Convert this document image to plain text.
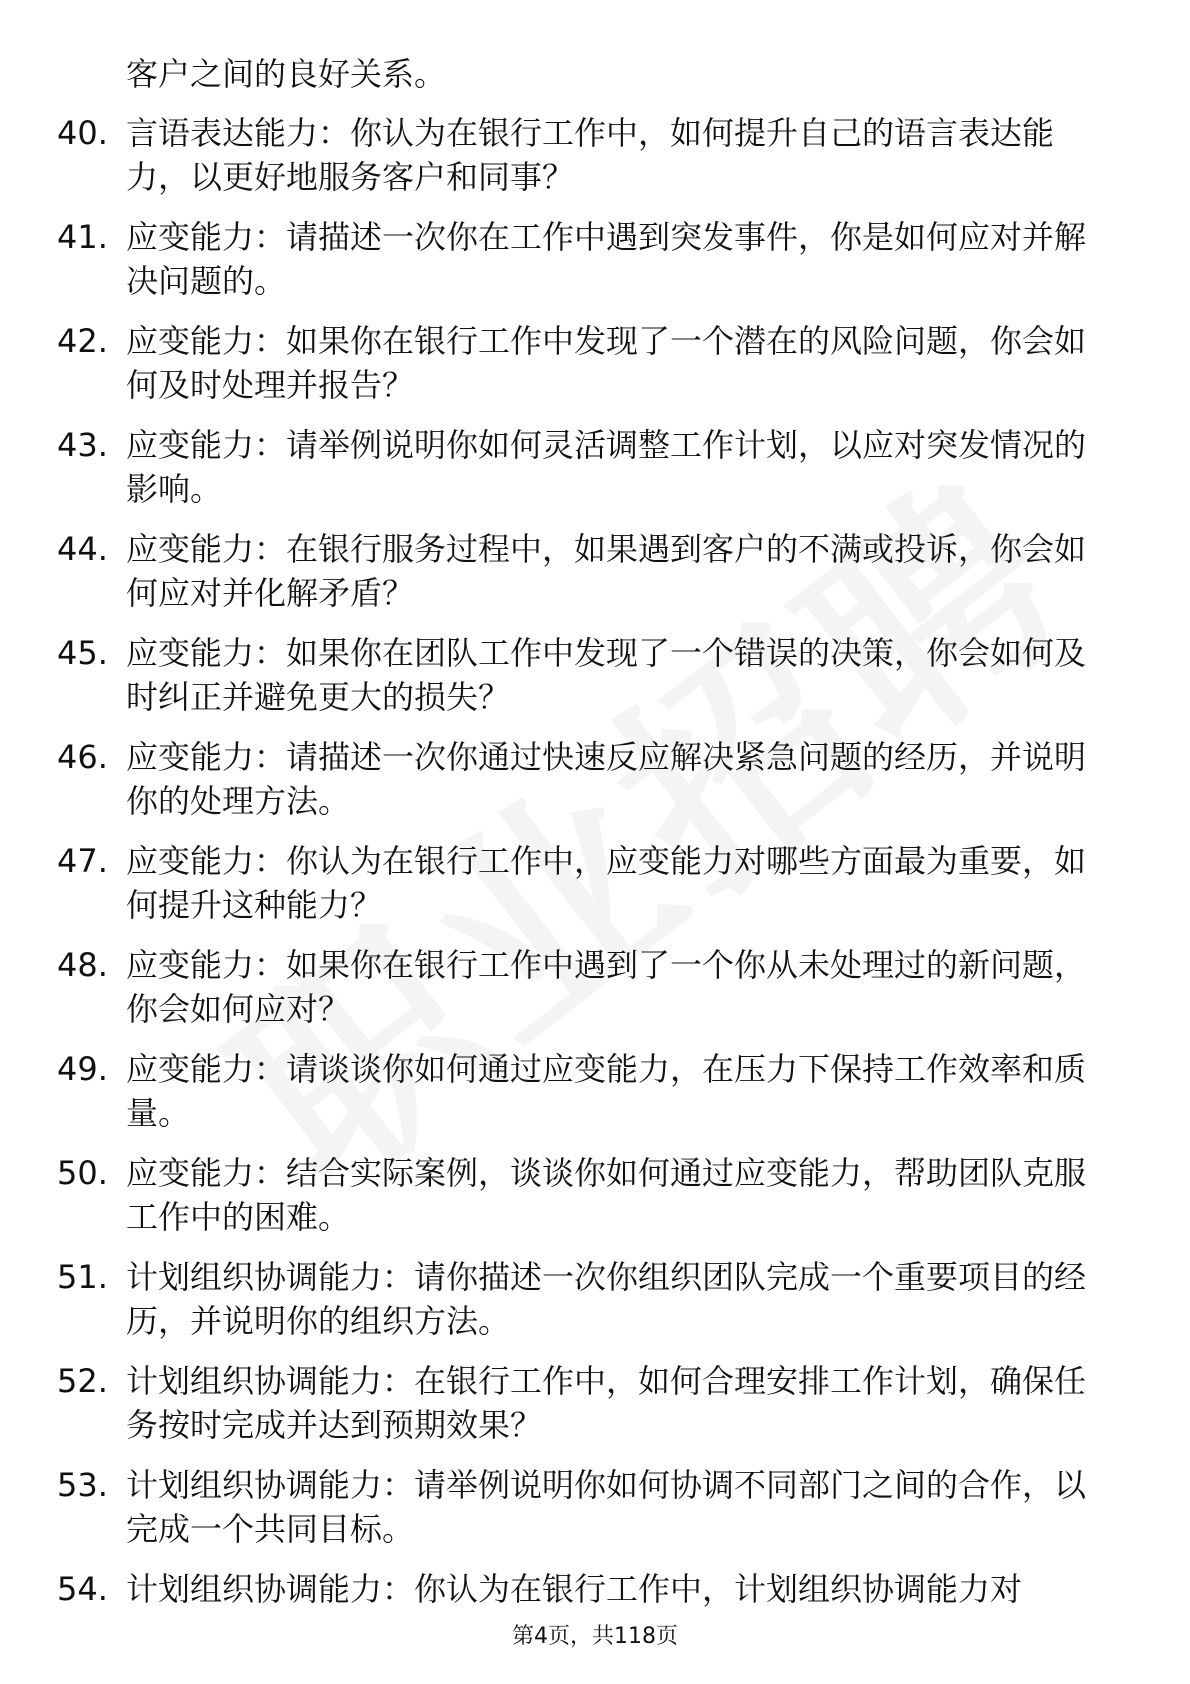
客户之间的良好关系。
40. 言语表达能力：你认为在银行工作中，如何提升自己的语言表达能力，以更好地服务客户和同事？
41. 应变能力：请描述一次你在工作中遇到突发事件，你是如何应对并解决问题的。
42. 应变能力：如果你在银行工作中发现了一个潜在的风险问题，你会如何及时处理并报告？
43. 应变能力：请举例说明你如何灵活调整工作计划，以应对突发情况的影响。
44. 应变能力：在银行服务过程中，如果遇到客户的不满或投诉，你会如何应对并化解矛盾？
45. 应变能力：如果你在团队工作中发现了一个错误的决策，你会如何及时纠正并避免更大的损失？
46. 应变能力：请描述一次你通过快速反应解决紧急问题的经历，并说明你的处理方法。
47. 应变能力：你认为在银行工作中，应变能力对哪些方面最为重要，如何提升这种能力？
48. 应变能力：如果你在银行工作中遇到了一个你从未处理过的新问题，你会如何应对？
49. 应变能力：请谈谈你如何通过应变能力，在压力下保持工作效率和质量。
50. 应变能力：结合实际案例，谈谈你如何通过应变能力，帮助团队克服工作中的困难。
51. 计划组织协调能力：请你描述一次你组织团队完成一个重要项目的经历，并说明你的组织方法。
52. 计划组织协调能力：在银行工作中，如何合理安排工作计划，确保任务按时完成并达到预期效果？
53. 计划组织协调能力：请举例说明你如何协调不同部门之间的合作，以完成一个共同目标。
54. 计划组织协调能力：你认为在银行工作中，计划组织协调能力对
第4页，共118页
